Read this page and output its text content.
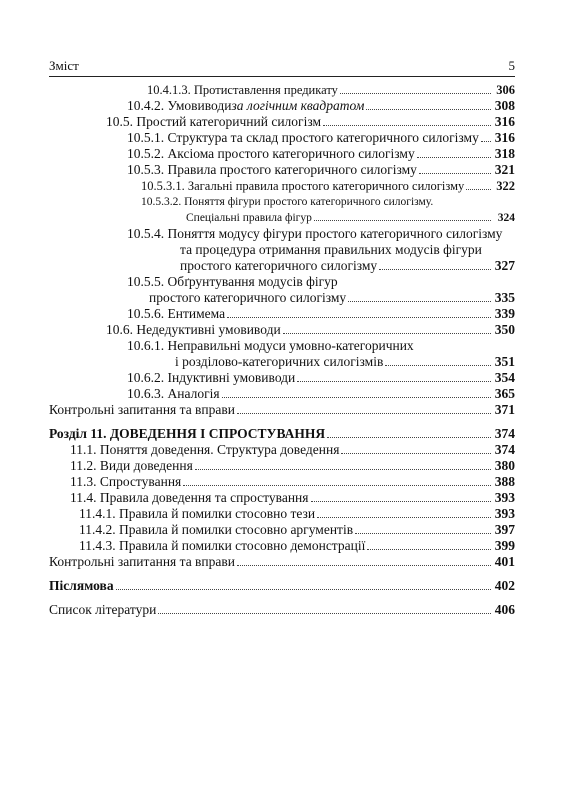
Зміст	5
10.4.1.3. Протиставлення предикату	306
10.4.2. Умовиводи за логічним квадратом	308
10.5. Простий категоричний силогізм	316
10.5.1. Структура та склад простого категоричного силогізму 316
10.5.2. Аксіома простого категоричного силогізму	318
10.5.3. Правила простого категоричного силогізму	321
10.5.3.1. Загальні правила простого категоричного силогізму	322
10.5.3.2. Поняття фігури простого категоричного силогізму.
Спеціальні правила фігур	324
10.5.4. Поняття модусу фігури простого категоричного силогізму
та процедура отримання правильних модусів фігури
простого категоричного силогізму	327
10.5.5. Обґрунтування модусів фігур
простого категоричного силогізму	335
10.5.6. Ентимема	339
10.6. Недедуктивні умовиводи	350
10.6.1. Неправильні модуси умовно-категоричних
і розділово-категоричних силогізмів	351
10.6.2. Індуктивні умовиводи	354
10.6.3. Аналогія	365
Контрольні запитання та вправи	371
Розділ 11. ДОВЕДЕННЯ І СПРОСТУВАННЯ	374
11.1. Поняття доведення. Структура доведення	374
11.2. Види доведення	380
11.3. Спростування	388
11.4. Правила доведення та спростування	393
11.4.1. Правила й помилки стосовно тези	393
11.4.2. Правила й помилки стосовно аргументів	397
11.4.3. Правила й помилки стосовно демонстрації	399
Контрольні запитання та вправи	401
Післямова	402
Список літератури	406
